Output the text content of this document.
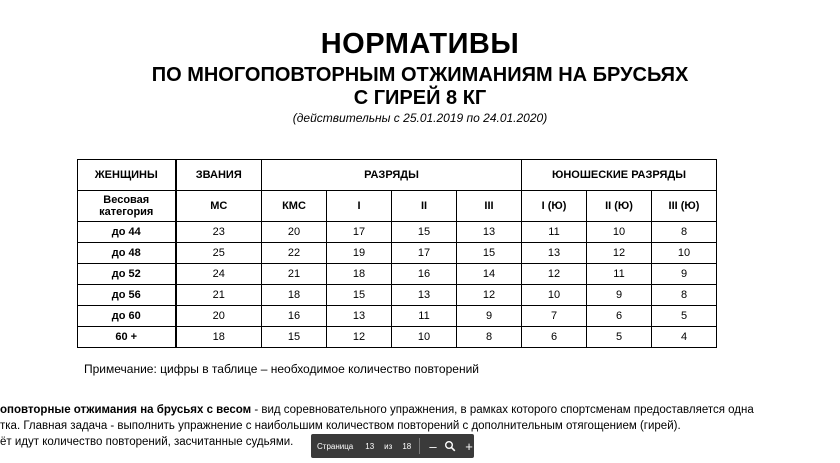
НОРМАТИВЫ
ПО МНОГОПОВТОРНЫМ ОТЖИМАНИЯМ НА БРУСЬЯХ
С ГИРЕЙ 8 КГ
(действительны с 25.01.2019 по 24.01.2020)
ЖЕНЩИНЫ	ЗВАНИЯ	РАЗРЯДЫ				ЮНОШЕСКИЕ РАЗРЯДЫ		
Весовая категория	МС	КМС	I	II	III	I (Ю)	II (Ю)	III (Ю)
до 44	23	20	17	15	13	11	10	8
до 48	25	22	19	17	15	13	12	10
до 52	24	21	18	16	14	12	11	9
до 56	21	18	15	13	12	10	9	8
до 60	20	16	13	11	9	7	6	5
60 +	18	15	12	10	8	6	5	4
Примечание: цифры в таблице – необходимое количество повторений
оповторные отжимания на брусьях с весом - вид соревновательного упражнения, в рамках которого спортсменам предоставляется одна
тка. Главная задача - выполнить упражнение с наибольшим количеством повторений с дополнительным отягощением (гирей).
ёт идут количество повторений, засчитанные судьями.	Страница 13 из 18 – +
